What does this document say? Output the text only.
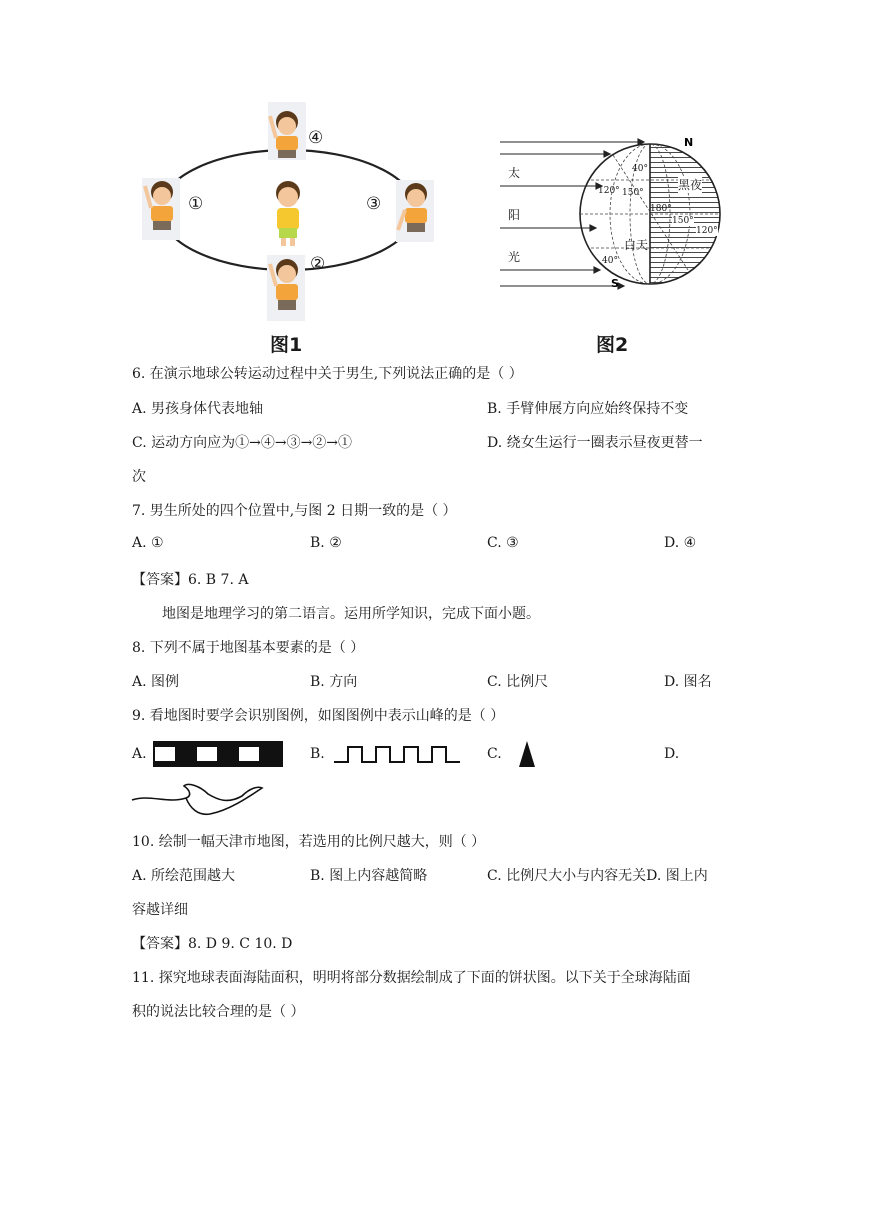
④
①	③
②
图1
N
S
太
阳
光
黑夜
白天
40°
120° 150°
180°
40°
150°
120°
图2
6. 在演示地球公转运动过程中关于男生,下列说法正确的是（ ）
A. 男孩身体代表地轴	B. 手臂伸展方向应始终保持不变
C. 运动方向应为①→④→③→②→①	D. 绕女生运行一圈表示昼夜更替一
次
7. 男生所处的四个位置中,与图 2 日期一致的是（ ）
A. ①	B. ②	C. ③	D. ④
【答案】6. B 7. A
地图是地理学习的第二语言。运用所学知识，完成下面小题。
8. 下列不属于地图基本要素的是（ ）
A. 图例	B. 方向	C. 比例尺	D. 图名
9. 看地图时要学会识别图例，如图图例中表示山峰的是（ ）
A.	B.	C.	D.
10. 绘制一幅天津市地图，若选用的比例尺越大，则（ ）
A. 所绘范围越大	B. 图上内容越简略	C. 比例尺大小与内容无关D. 图上内
容越详细
【答案】8. D 9. C 10. D
11. 探究地球表面海陆面积，明明将部分数据绘制成了下面的饼状图。以下关于全球海陆面
积的说法比较合理的是（ ）
